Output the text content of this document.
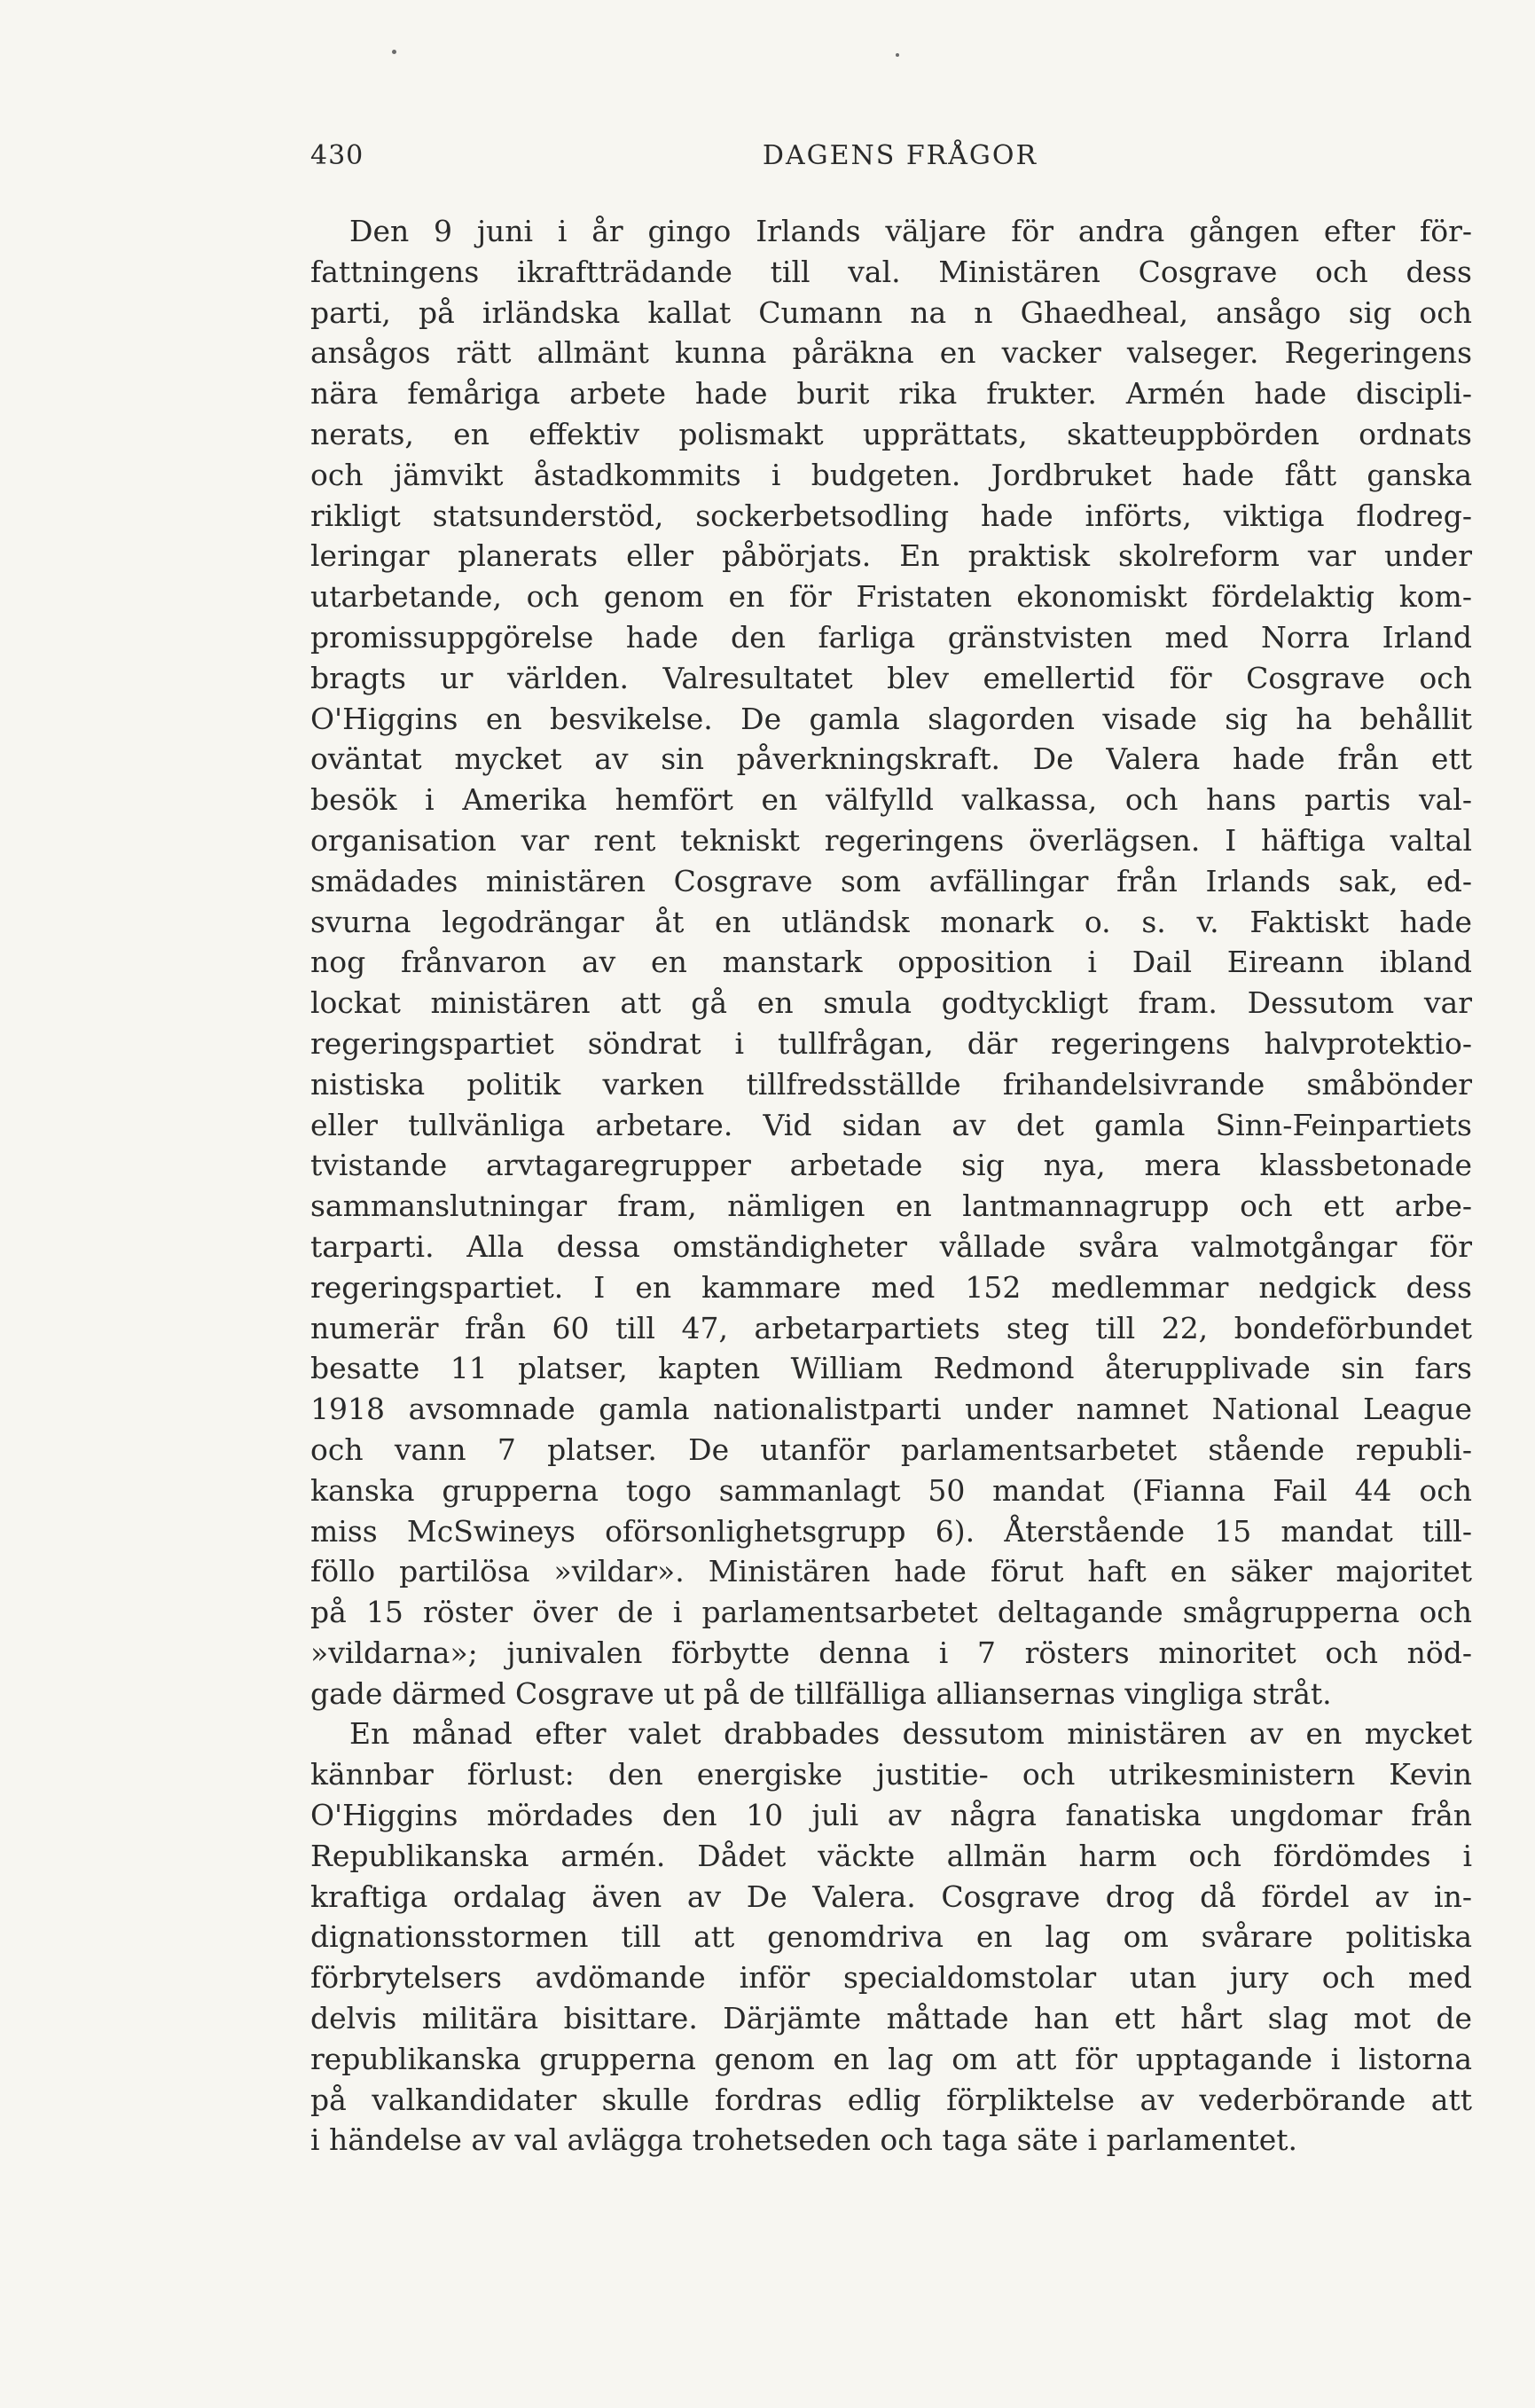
430	DAGENS FRÅGOR
Den 9 juni i år gingo Irlands väljare för andra gången efter för-
fattningens ikraftträdande till val. Ministären Cosgrave och dess
parti, på irländska kallat Cumann na n Ghaedheal, ansågo sig och
ansågos rätt allmänt kunna påräkna en vacker valseger. Regeringens
nära femåriga arbete hade burit rika frukter. Armén hade discipli-
nerats, en effektiv polismakt upprättats, skatteuppbörden ordnats
och jämvikt åstadkommits i budgeten. Jordbruket hade fått ganska
rikligt statsunderstöd, sockerbetsodling hade införts, viktiga flodreg-
leringar planerats eller påbörjats. En praktisk skolreform var under
utarbetande, och genom en för Fristaten ekonomiskt fördelaktig kom-
promissuppgörelse hade den farliga gränstvisten med Norra Irland
bragts ur världen. Valresultatet blev emellertid för Cosgrave och
O'Higgins en besvikelse. De gamla slagorden visade sig ha behållit
oväntat mycket av sin påverkningskraft. De Valera hade från ett
besök i Amerika hemfört en välfylld valkassa, och hans partis val-
organisation var rent tekniskt regeringens överlägsen. I häftiga valtal
smädades ministären Cosgrave som avfällingar från Irlands sak, ed-
svurna legodrängar åt en utländsk monark o. s. v. Faktiskt hade
nog frånvaron av en manstark opposition i Dail Eireann ibland
lockat ministären att gå en smula godtyckligt fram. Dessutom var
regeringspartiet söndrat i tullfrågan, där regeringens halvprotektio-
nistiska politik varken tillfredsställde frihandelsivrande småbönder
eller tullvänliga arbetare. Vid sidan av det gamla Sinn-Feinpartiets
tvistande arvtagaregrupper arbetade sig nya, mera klassbetonade
sammanslutningar fram, nämligen en lantmannagrupp och ett arbe-
tarparti. Alla dessa omständigheter vållade svåra valmotgångar för
regeringspartiet. I en kammare med 152 medlemmar nedgick dess
numerär från 60 till 47, arbetarpartiets steg till 22, bondeförbundet
besatte 11 platser, kapten William Redmond återupplivade sin fars
1918 avsomnade gamla nationalistparti under namnet National League
och vann 7 platser. De utanför parlamentsarbetet stående republi-
kanska grupperna togo sammanlagt 50 mandat (Fianna Fail 44 och
miss McSwineys oförsonlighetsgrupp 6). Återstående 15 mandat till-
föllo partilösa »vildar». Ministären hade förut haft en säker majoritet
på 15 röster över de i parlamentsarbetet deltagande smågrupperna och
»vildarna»; junivalen förbytte denna i 7 rösters minoritet och nöd-
gade därmed Cosgrave ut på de tillfälliga alliansernas vingliga stråt.
En månad efter valet drabbades dessutom ministären av en mycket
kännbar förlust: den energiske justitie- och utrikesministern Kevin
O'Higgins mördades den 10 juli av några fanatiska ungdomar från
Republikanska armén. Dådet väckte allmän harm och fördömdes i
kraftiga ordalag även av De Valera. Cosgrave drog då fördel av in-
dignationsstormen till att genomdriva en lag om svårare politiska
förbrytelsers avdömande inför specialdomstolar utan jury och med
delvis militära bisittare. Därjämte måttade han ett hårt slag mot de
republikanska grupperna genom en lag om att för upptagande i listorna
på valkandidater skulle fordras edlig förpliktelse av vederbörande att
i händelse av val avlägga trohetseden och taga säte i parlamentet.
